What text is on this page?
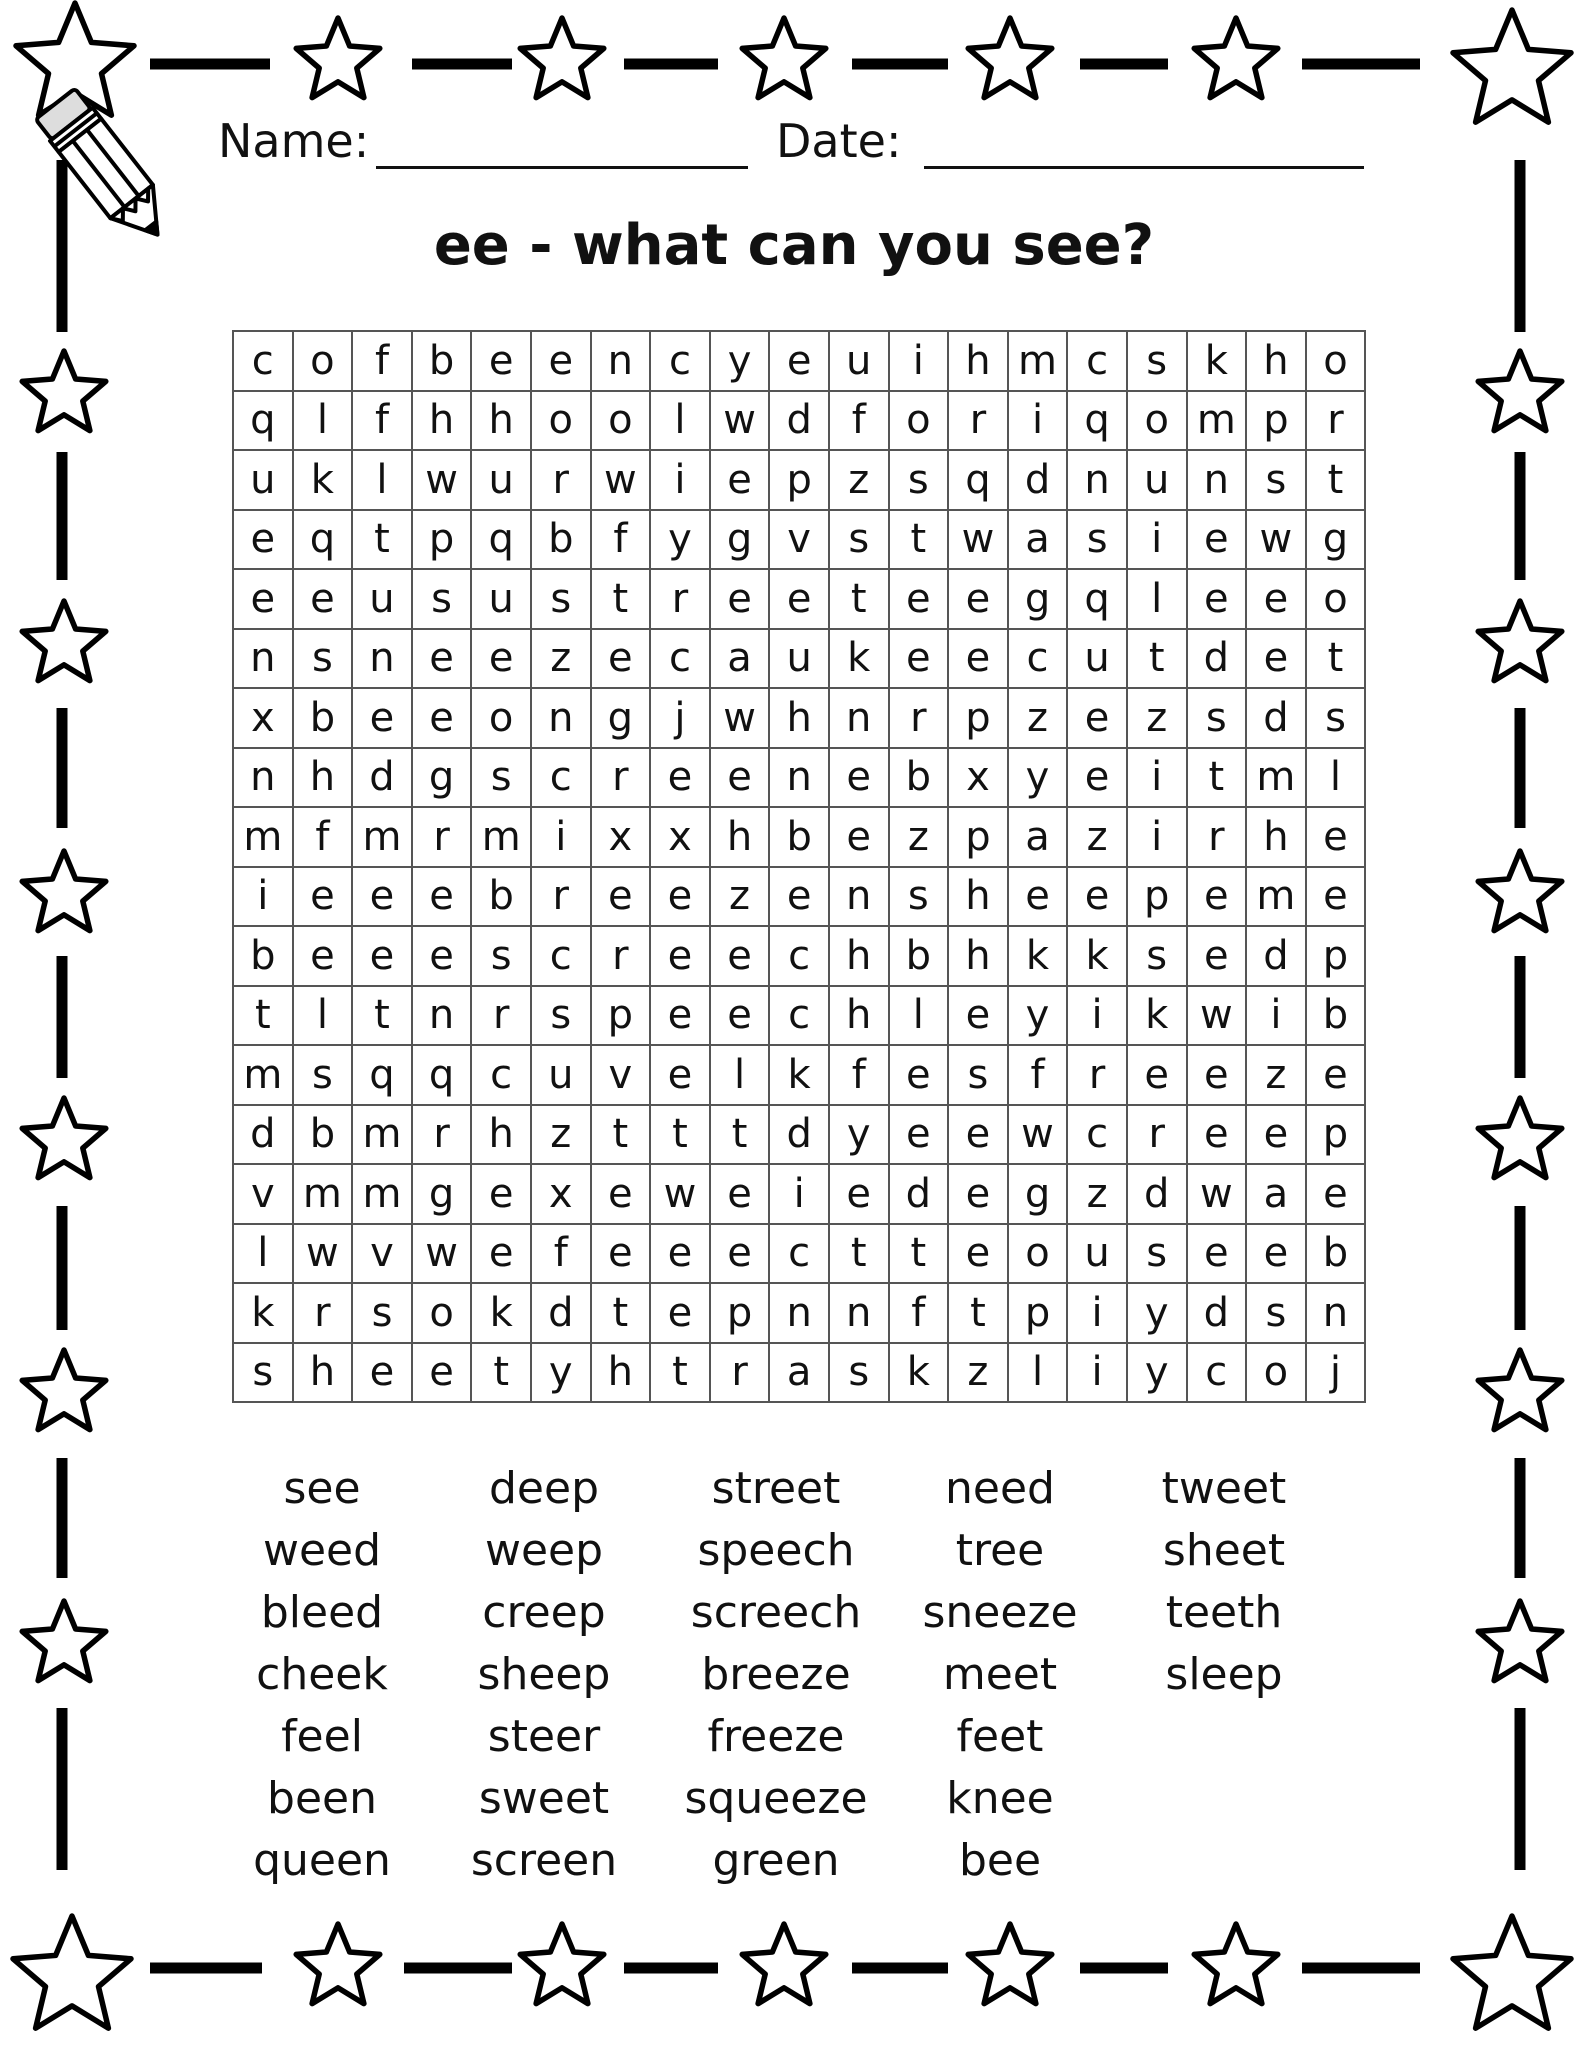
Name:	Date:
ee - what can you see?
c	o	f	b	e	e	n	c	y	e	u	i	h	m	c	s	k	h	o
q	l	f	h	h	o	o	l	w	d	f	o	r	i	q	o	m	p	r
u	k	l	w	u	r	w	i	e	p	z	s	q	d	n	u	n	s	t
e	q	t	p	q	b	f	y	g	v	s	t	w	a	s	i	e	w	g
e	e	u	s	u	s	t	r	e	e	t	e	e	g	q	l	e	e	o
n	s	n	e	e	z	e	c	a	u	k	e	e	c	u	t	d	e	t
x	b	e	e	o	n	g	j	w	h	n	r	p	z	e	z	s	d	s
n	h	d	g	s	c	r	e	e	n	e	b	x	y	e	i	t	m	l
m	f	m	r	m	i	x	x	h	b	e	z	p	a	z	i	r	h	e
i	e	e	e	b	r	e	e	z	e	n	s	h	e	e	p	e	m	e
b	e	e	e	s	c	r	e	e	c	h	b	h	k	k	s	e	d	p
t	l	t	n	r	s	p	e	e	c	h	l	e	y	i	k	w	i	b
m	s	q	q	c	u	v	e	l	k	f	e	s	f	r	e	e	z	e
d	b	m	r	h	z	t	t	t	d	y	e	e	w	c	r	e	e	p
v	m	m	g	e	x	e	w	e	i	e	d	e	g	z	d	w	a	e
l	w	v	w	e	f	e	e	e	c	t	t	e	o	u	s	e	e	b
k	r	s	o	k	d	t	e	p	n	n	f	t	p	i	y	d	s	n
s	h	e	e	t	y	h	t	r	a	s	k	z	l	i	y	c	o	j
see
weed
bleed
cheek
feel
been
queen
deep
weep
creep
sheep
steer
sweet
screen
street
speech
screech
breeze
freeze
squeeze
green
need
tree
sneeze
meet
feet
knee
bee
tweet
sheet
teeth
sleep
